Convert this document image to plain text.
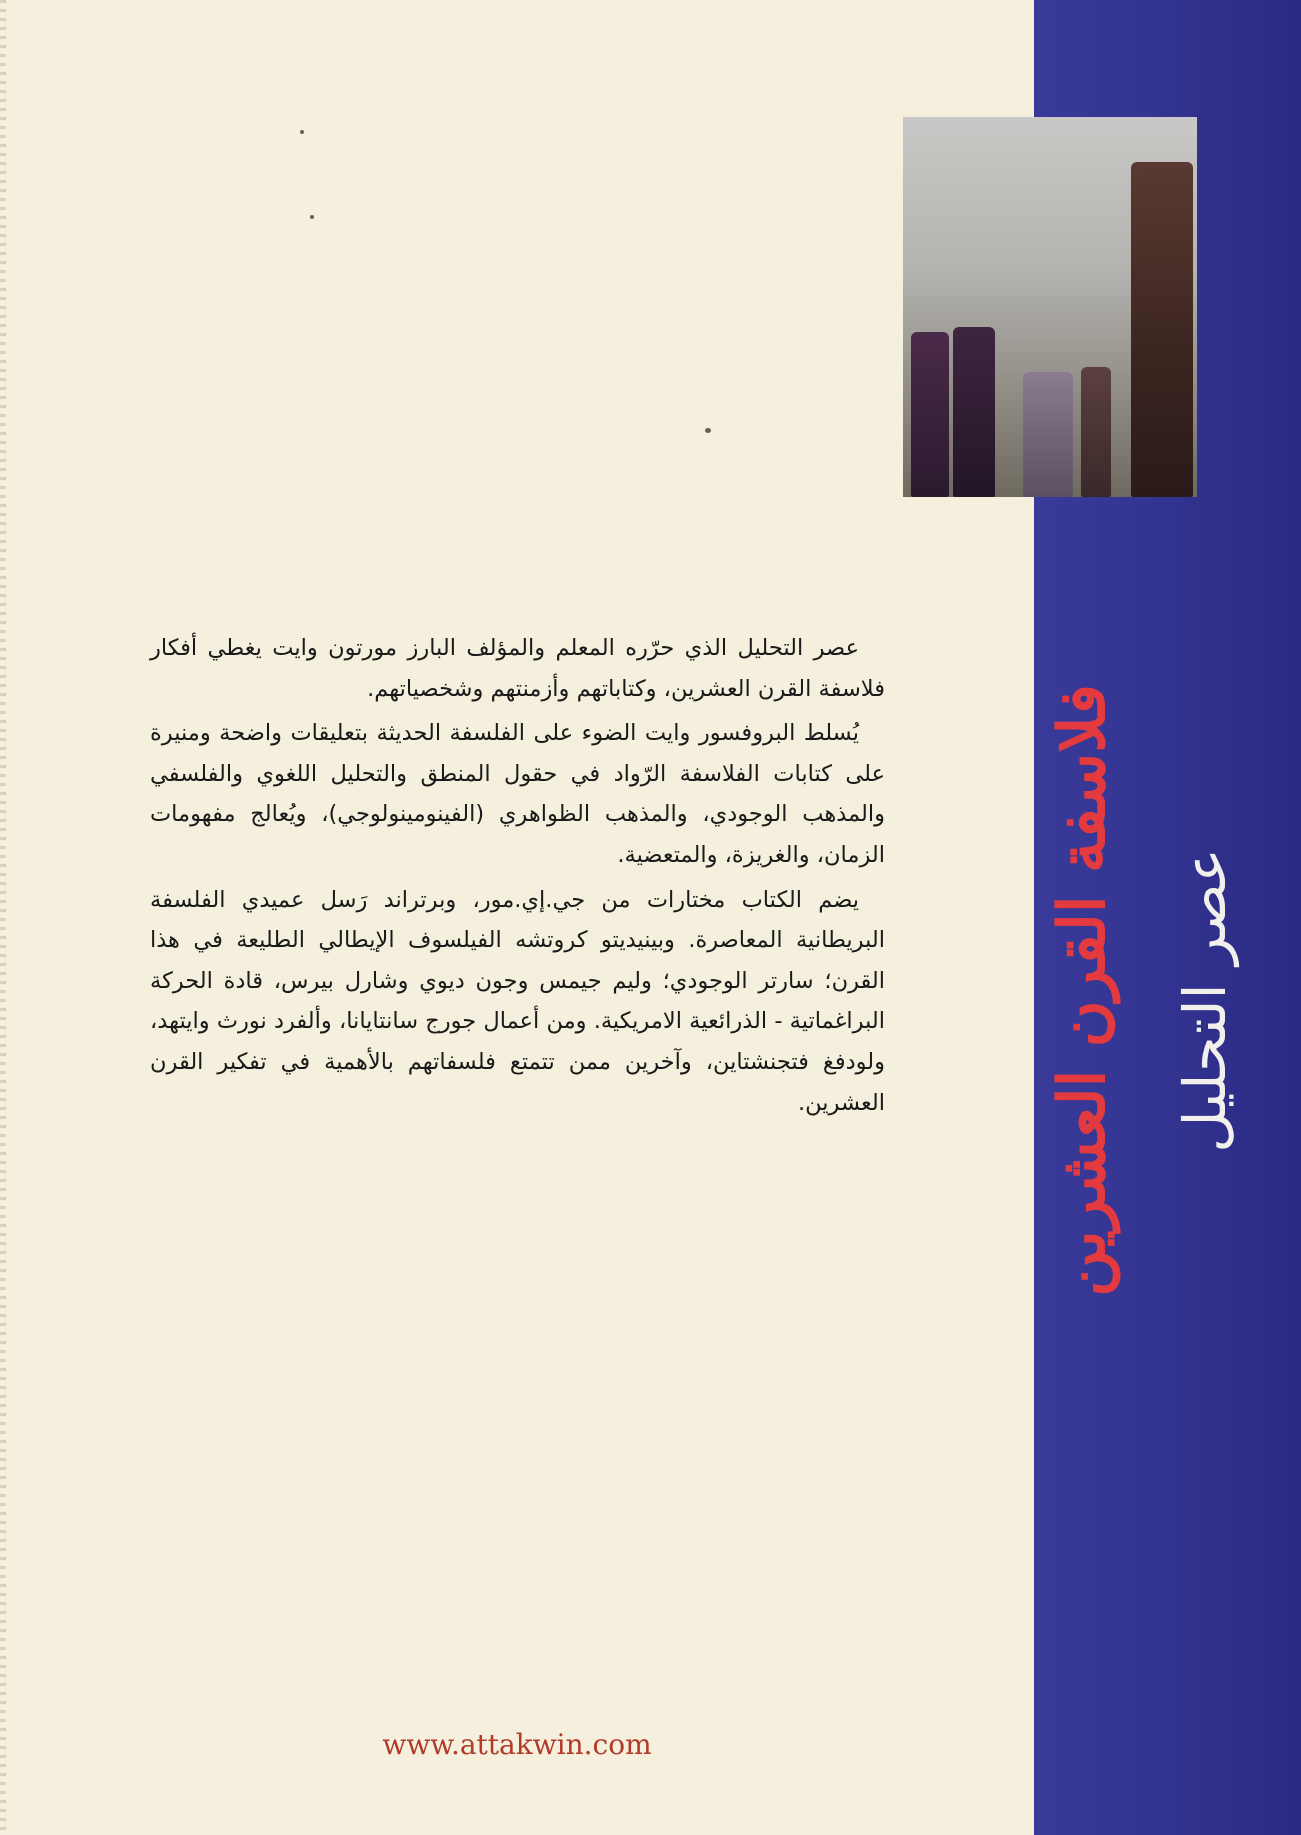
فلاسفة القرن العشرين عصر التحليل

عصر التحليل الذي حرّره المعلم والمؤلف البارز مورتون وايت يغطي أفكار فلاسفة القرن العشرين، وكتاباتهم وأزمنتهم وشخصياتهم.

يُسلط البروفسور وايت الضوء على الفلسفة الحديثة بتعليقات واضحة ومنيرة على كتابات الفلاسفة الرّواد في حقول المنطق والتحليل اللغوي والفلسفي والمذهب الوجودي، والمذهب الظواهري (الفينومينولوجي)، ويُعالج مفهومات الزمان، والغريزة، والمتعضية.

يضم الكتاب مختارات من جي.إي.مور، وبرتراند رَسل عميدي الفلسفة البريطانية المعاصرة. وبينيديتو كروتشه الفيلسوف الإيطالي الطليعة في هذا القرن؛ سارتر الوجودي؛ وليم جيمس وجون ديوي وشارل بيرس، قادة الحركة البراغماتية - الذرائعية الامريكية. ومن أعمال جورج سانتايانا، وألفرد نورث وايتهد، ولودفغ فتجنشتاين، وآخرين ممن تتمتع فلسفاتهم بالأهمية في تفكير القرن العشرين.

www.attakwin.com
